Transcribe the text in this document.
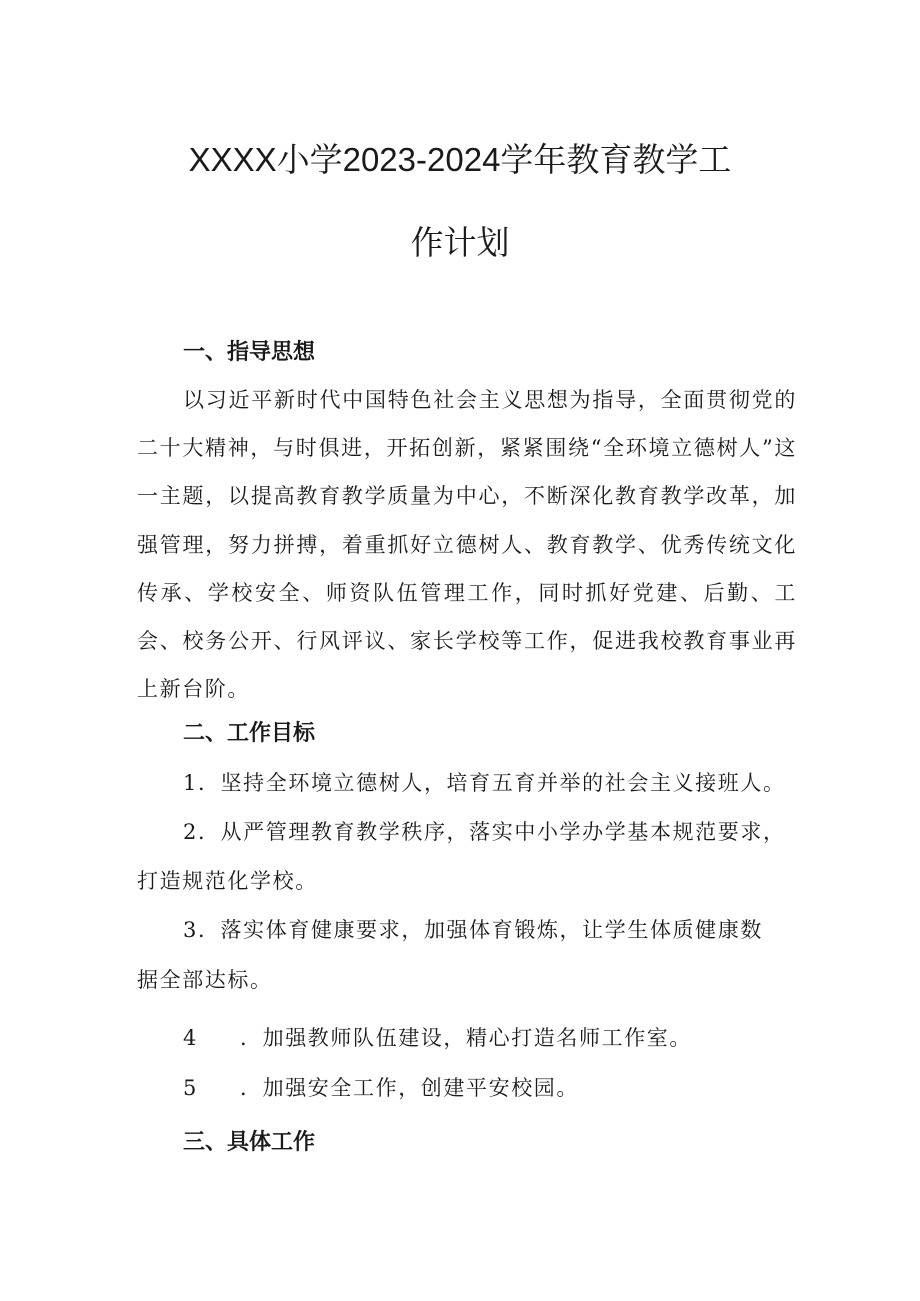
XXXX小学2023-2024学年教育教学工
作计划
一、指导思想
以习近平新时代中国特色社会主义思想为指导，全面贯彻党的二十大精神，与时俱进，开拓创新，紧紧围绕“全环境立德树人”这一主题，以提高教育教学质量为中心，不断深化教育教学改革，加强管理，努力拼搏，着重抓好立德树人、教育教学、优秀传统文化传承、学校安全、师资队伍管理工作，同时抓好党建、后勤、工会、校务公开、行风评议、家长学校等工作，促进我校教育事业再上新台阶。
二、工作目标
1．坚持全环境立德树人，培育五育并举的社会主义接班人。
2．从严管理教育教学秩序，落实中小学办学基本规范要求，
打造规范化学校。
3．落实体育健康要求，加强体育锻炼，让学生体质健康数
据全部达标。
4 ．加强教师队伍建设，精心打造名师工作室。
5 ．加强安全工作，创建平安校园。
三、具体工作
